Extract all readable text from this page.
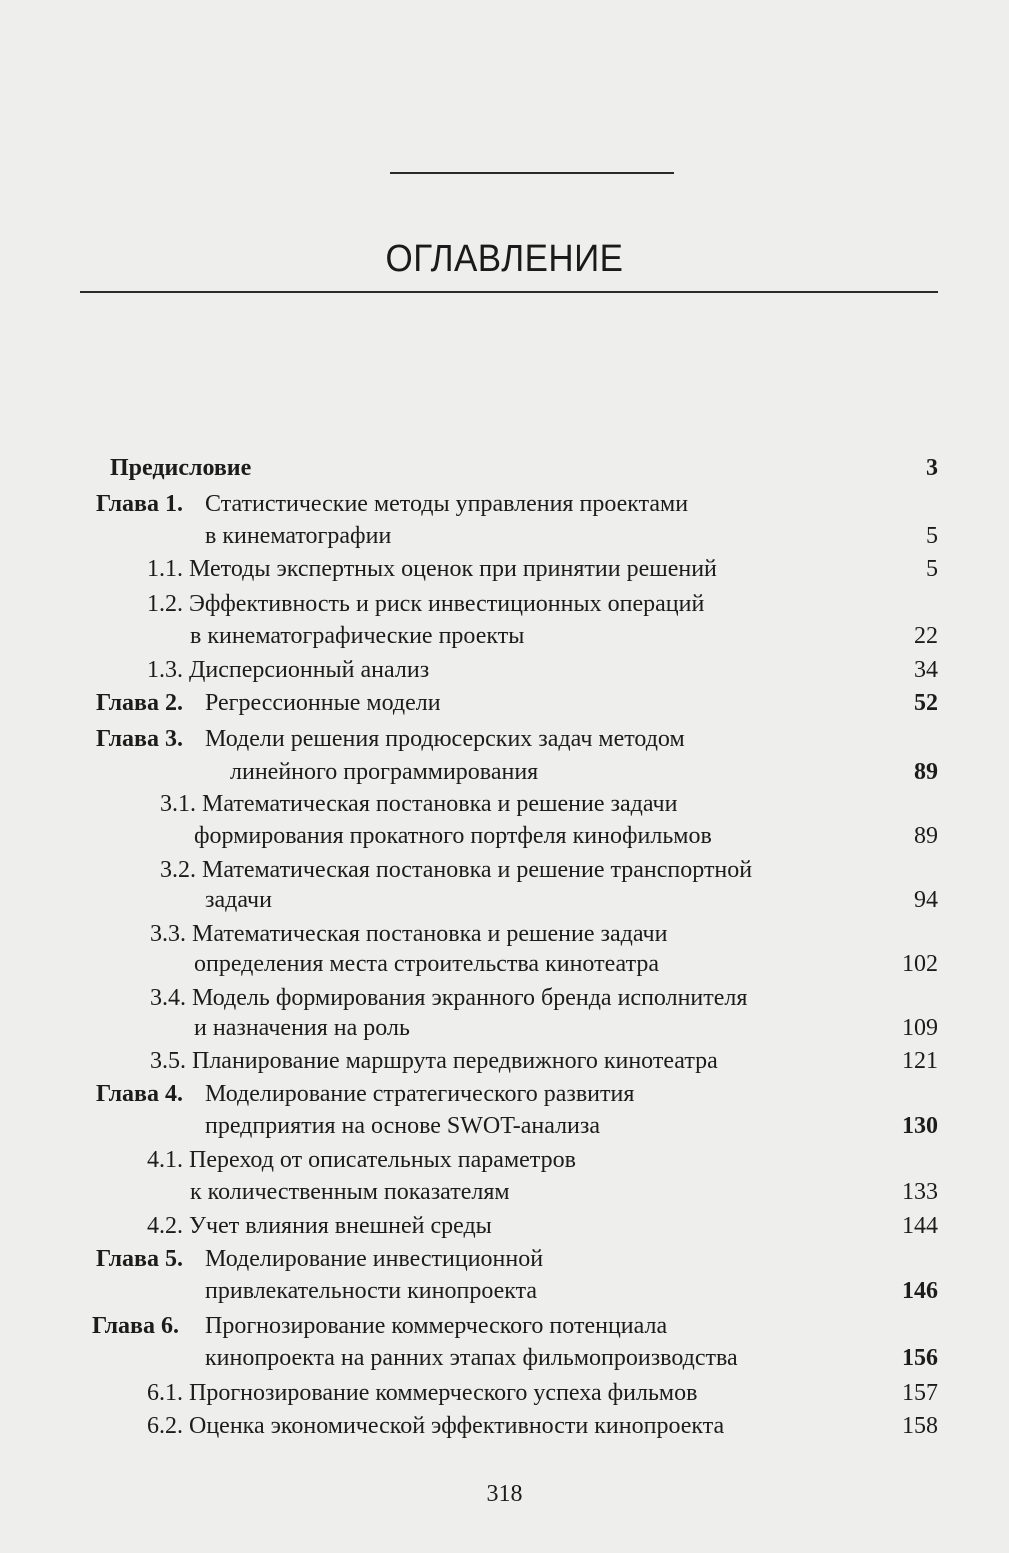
ОГЛАВЛЕНИЕ
Предисловие	3
Глава 1. Статистические методы управления проектами
в кинематографии	5
1.1. Методы экспертных оценок при принятии решений	5
1.2. Эффективность и риск инвестиционных операций
в кинематографические проекты	22
1.3. Дисперсионный анализ	34
Глава 2. Регрессионные модели	52
Глава 3. Модели решения продюсерских задач методом
линейного программирования	89
3.1. Математическая постановка и решение задачи
формирования прокатного портфеля кинофильмов	89
3.2. Математическая постановка и решение транспортной
задачи	94
3.3. Математическая постановка и решение задачи
определения места строительства кинотеатра	102
3.4. Модель формирования экранного бренда исполнителя
и назначения на роль	109
3.5. Планирование маршрута передвижного кинотеатра	121
Глава 4. Моделирование стратегического развития
предприятия на основе SWOT-анализа	130
4.1. Переход от описательных параметров
к количественным показателям	133
4.2. Учет влияния внешней среды	144
Глава 5. Моделирование инвестиционной
привлекательности кинопроекта	146
Глава 6. Прогнозирование коммерческого потенциала
кинопроекта на ранних этапах фильмопроизводства	156
6.1. Прогнозирование коммерческого успеха фильмов	157
6.2. Оценка экономической эффективности кинопроекта	158
318
